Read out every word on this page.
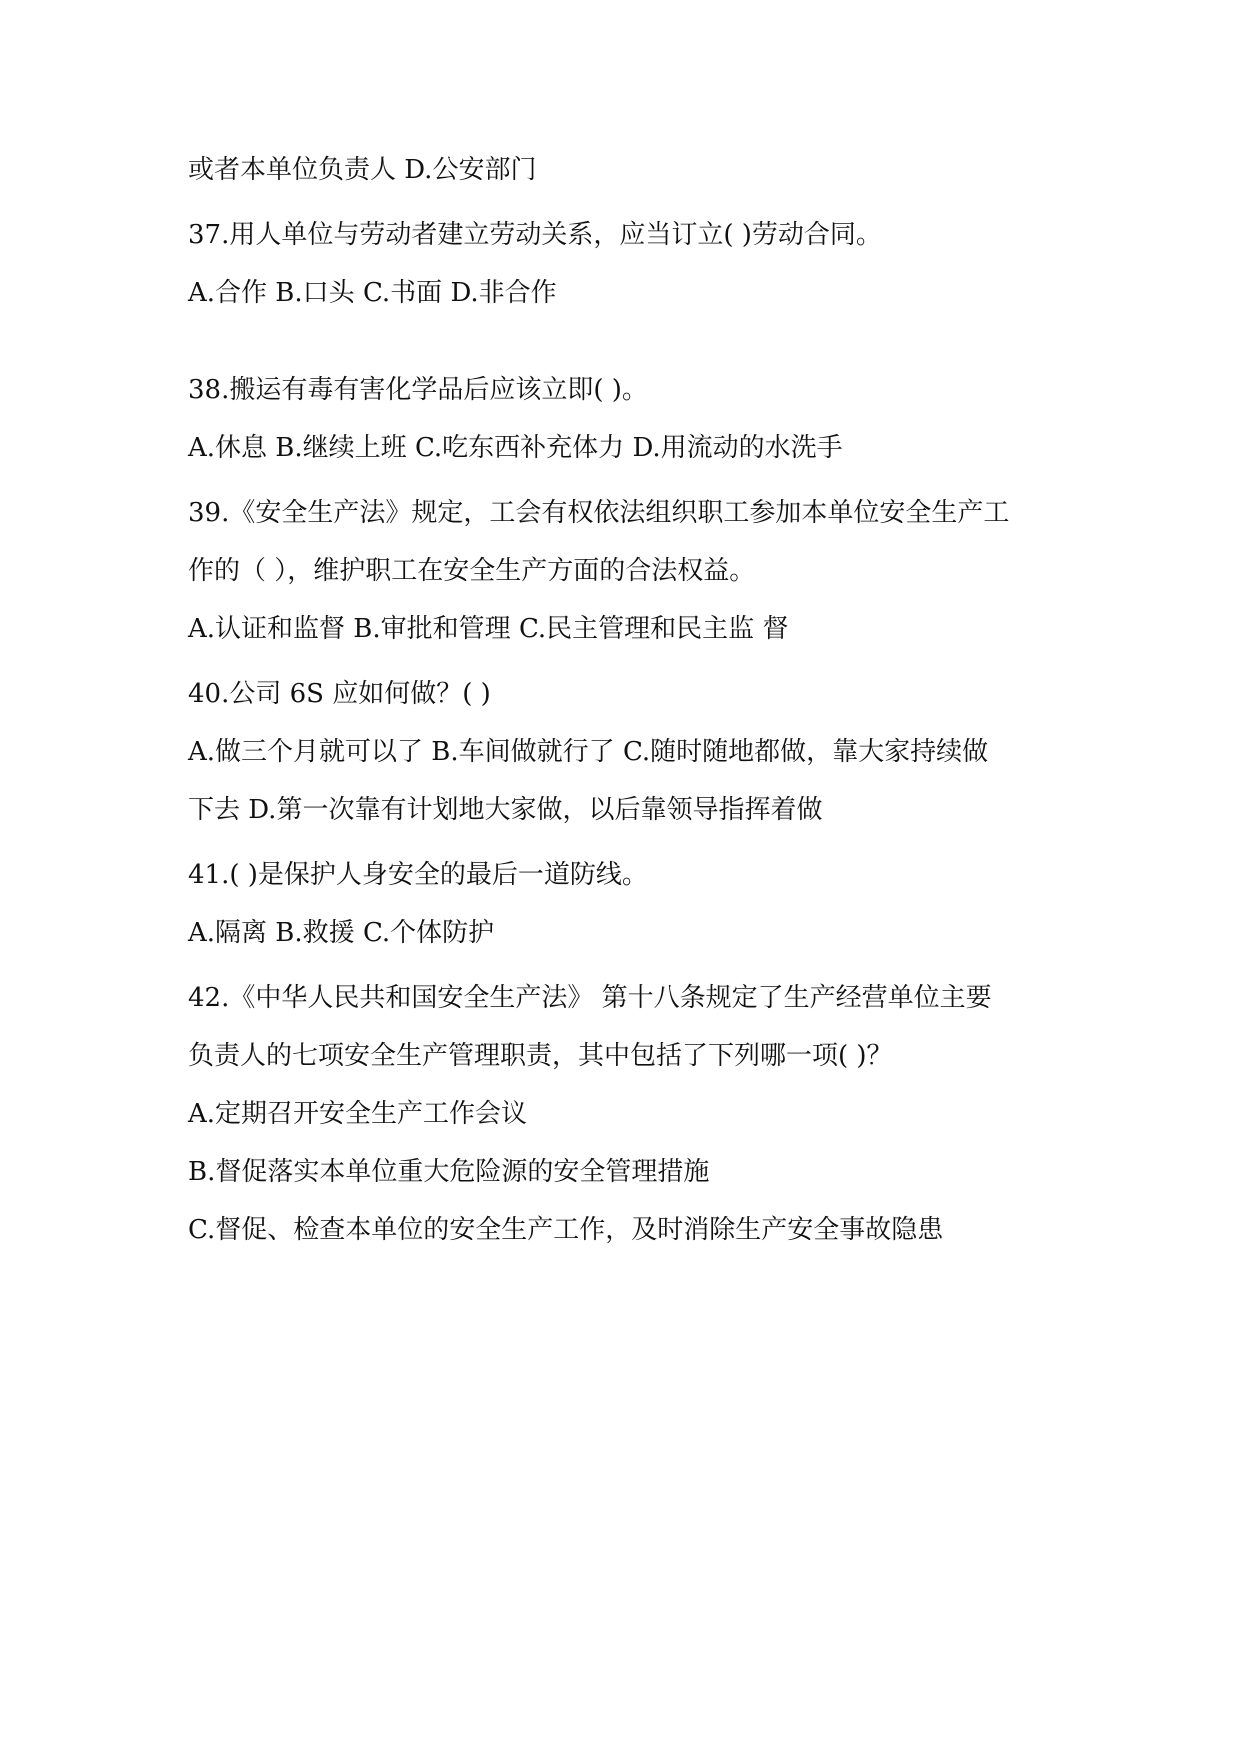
或者本单位负责人 D.公安部门

37.用人单位与劳动者建立劳动关系，应当订立( )劳动合同。

A.合作 B.口头 C.书面 D.非合作

38.搬运有毒有害化学品后应该立即( )。

A.休息 B.继续上班 C.吃东西补充体力 D.用流动的水洗手

39.《安全生产法》规定，工会有权依法组织职工参加本单位安全生产工

作的（ ），维护职工在安全生产方面的合法权益。

A.认证和监督 B.审批和管理 C.民主管理和民主监 督

40.公司 6S 应如何做？( )

A.做三个月就可以了 B.车间做就行了 C.随时随地都做，靠大家持续做

下去 D.第一次靠有计划地大家做，以后靠领导指挥着做

41.( )是保护人身安全的最后一道防线。

A.隔离 B.救援 C.个体防护

42.《中华人民共和国安全生产法》 第十八条规定了生产经营单位主要

负责人的七项安全生产管理职责，其中包括了下列哪一项( )？

A.定期召开安全生产工作会议

B.督促落实本单位重大危险源的安全管理措施

C.督促、检查本单位的安全生产工作，及时消除生产安全事故隐患
